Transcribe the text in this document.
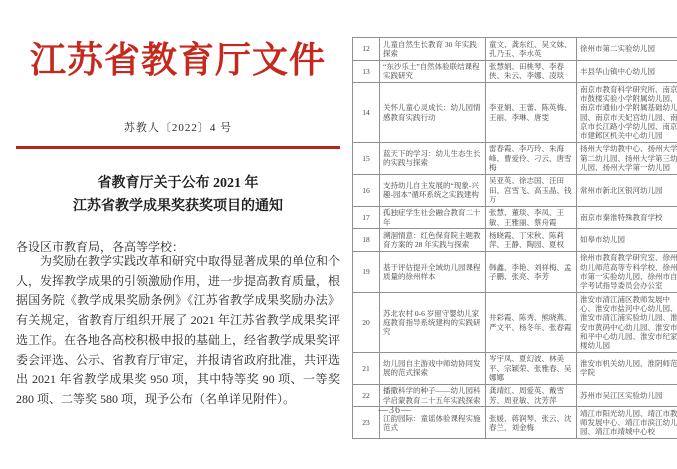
江苏省教育厅文件
苏教人〔2022〕4 号
省教育厅关于公布 2021 年
江苏省教学成果奖获奖项目的通知
各设区市教育局，各高等学校：

为奖励在教学实践改革和研究中取得显著成果的单位和个人，发挥教学成果的引领激励作用，进一步提高教育质量，根据国务院《教学成果奖励条例》《江苏省教学成果奖励办法》有关规定，省教育厅组织开展了 2021 年江苏省教学成果奖评选工作。在各地各高校积极申报的基础上，经省教学成果奖评委会评选、公示、省教育厅审定，并报请省政府批准，共评选出 2021 年省教学成果奖 950 项，其中特等奖 90 项、一等奖 280 项、二等奖 580 项，现予公布（名单详见附件）。

12	儿童自然生长教育 30 年实践探索	童文、龚东红、吴文妹、孔乃玉、李水英	徐州市第二实验幼儿园
13	“东沙乐土”自然体验联结课程实践研究	张慧娟、田桃琴、李春侠、朱云、李娜、凌琰	丰县华山镇中心幼儿园
14	关怀儿童心灵成长：幼儿园情感教育实践行动	李亚娟、王蕾、陈英梅、王丽、李琳、唐雯	南京市教育科学研究所、南京市鼓楼实验小学附属幼儿园、南京市通仙小学附属基础幼儿园、南京市天妃宫幼儿园、南京市长江路小学幼儿园、南京市建邺区机关中心幼儿园
15	蓝天下的学习：幼儿生态生长的实践与探索	雷春霞、李巧玲、朱海峰、曹爱伶、刁云、唐雪梅	扬州大学幼教中心、扬州大学第二幼儿园、扬州大学第三幼儿园、扬州大学第一幼儿园
16	支持幼儿自主发展的“现象-兴趣-园本”循环系统之实践建构	吴亚英、徐志国、汪田田、宫雪飞、高玉晶、钱万	常州市新北区银河幼儿园
17	孤独症学生社会融合教育二十年	张慧、董琰、李凤、王敏、王雅丽、蔡舟霞	南京市秦淮特殊教育学校
18	溯洄情意：红色保育院主题教育方案的 28 年实践与探索	杨晓霞、丁宋秋、陈莉萍、王静、陶园、夏权	如皋市幼儿园
19	基于评估提升全域幼儿园课程质量的徐州样本	韩鑫、李艳、刘祥梅、孟子鹏、张亮、李芳	徐州市教育教学研究室、徐州幼儿师范高等专科学校、徐州市第一实验幼儿园、徐州市自学考试指导委员会办公室
20	苏北农村 0-6 岁留守婴幼儿家庭教育指导系统建构的实践研究	井彩霞、陈秀、熊晓燕、严文平、杨冬年、张春霞	淮安市清江浦区教师发展中心、淮安市盐河中心幼儿园、淮安市清江浦实验幼儿园、淮安市黄码中心幼儿园、淮安市和平中心幼儿园、淮安市纪家楼幼儿园
21	幼儿园自主游戏中师幼协同发展的范式探索	岑宇凤、夏幻波、林美平、宗颖荣、张雅春、吴娜娜	淮安市机关幼儿园、淮阴师范学院
22	播撒科学的种子——幼儿园科学启蒙教育二十五年实践探索	龚靖红、周爱英、戴雪芳、周亚敏、沈芳萍	苏州市吴江区实验幼儿园
23	江韵园际：童谣体验课程实施范式	张媛、蒋润琴、张云、沈春兰、刘金梅	靖江市阳光幼儿园、靖江市教师发展中心、靖江市滨江幼儿园、靖江市靖城中心校
—36—
